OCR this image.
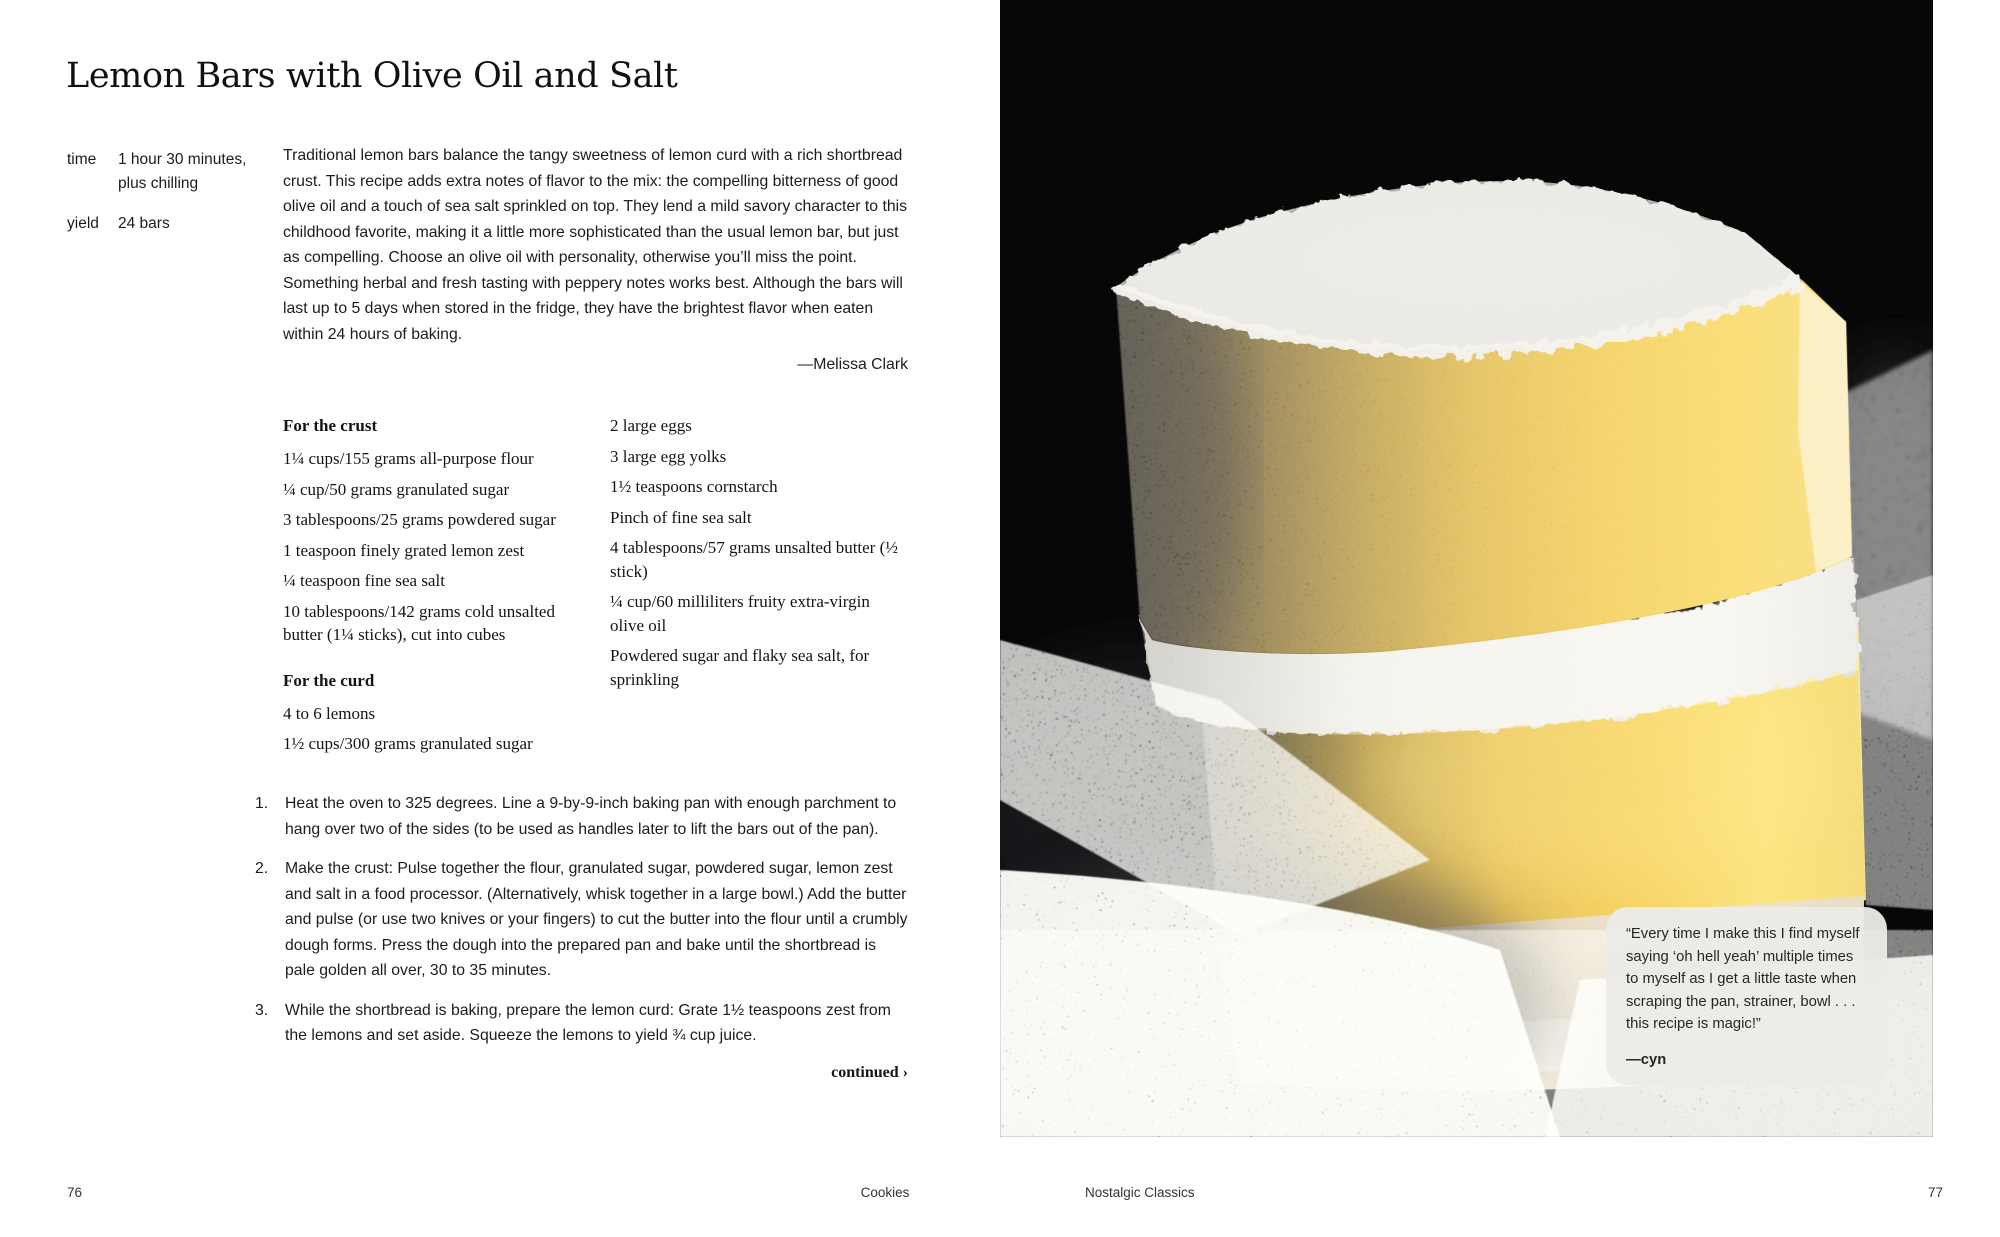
Lemon Bars with Olive Oil and Salt
time	1 hour 30 minutes, plus chilling
yield	24 bars

Traditional lemon bars balance the tangy sweetness of lemon curd with a rich shortbread crust. This recipe adds extra notes of flavor to the mix: the compelling bitterness of good olive oil and a touch of sea salt sprinkled on top. They lend a mild savory character to this childhood favorite, making it a little more sophisticated than the usual lemon bar, but just as compelling. Choose an olive oil with personality, otherwise you’ll miss the point. Something herbal and fresh tasting with peppery notes works best. Although the bars will last up to 5 days when stored in the fridge, they have the brightest flavor when eaten within 24 hours of baking.

—Melissa Clark

For the crust

1¼ cups/155 grams all-purpose flour

¼ cup/50 grams granulated sugar

3 tablespoons/25 grams powdered sugar

1 teaspoon finely grated lemon zest

¼ teaspoon fine sea salt

10 tablespoons/142 grams cold unsalted butter (1¼ sticks), cut into cubes

For the curd

4 to 6 lemons

1½ cups/300 grams granulated sugar

2 large eggs

3 large egg yolks

1½ teaspoons cornstarch

Pinch of fine sea salt

4 tablespoons/57 grams unsalted butter (½ stick)

¼ cup/60 milliliters fruity extra-virgin olive oil

Powdered sugar and flaky sea salt, for sprinkling

Heat the oven to 325 degrees. Line a 9-by-9-inch baking pan with enough parchment to hang over two of the sides (to be used as handles later to lift the bars out of the pan).
Make the crust: Pulse together the flour, granulated sugar, powdered sugar, lemon zest and salt in a food processor. (Alternatively, whisk together in a large bowl.) Add the butter and pulse (or use two knives or your fingers) to cut the butter into the flour until a crumbly dough forms. Press the dough into the prepared pan and bake until the shortbread is pale golden all over, 30 to 35 minutes.
While the shortbread is baking, prepare the lemon curd: Grate 1½ teaspoons zest from the lemons and set aside. Squeeze the lemons to yield ¾ cup juice.
continued ›

“Every time I make this I find myself saying ‘oh hell yeah’ multiple times to myself as I get a little taste when scraping the pan, strainer, bowl . . . this recipe is magic!”

—cyn

76	Cookies	Nostalgic Classics	77
